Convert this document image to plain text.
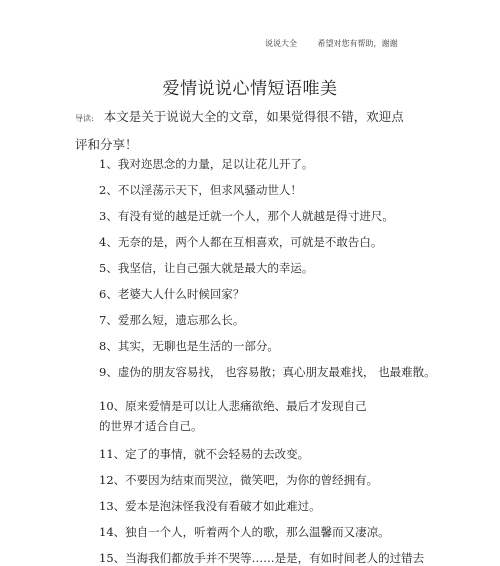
说说大全	希望对您有帮助，谢谢
爱情说说心情短语唯美
导读: 本文是关于说说大全的文章，如果觉得很不错，欢迎点评和分享！
1、我对迩思念的力量，足以让花儿开了。
2、不以淫荡示天下，但求风骚动世人！
3、有没有觉的越是迁就一个人，那个人就越是得寸进尺。
4、无奈的是，两个人都在互相喜欢，可就是不敢告白。
5、我坚信，让自己强大就是最大的幸运。
6、老婆大人什么时候回家？
7、爱那么短，遗忘那么长。
8、其实，无聊也是生活的一部分。
9、虚伪的朋友容易找， 也容易散；真心朋友最难找， 也最难散。
10、原来爱情是可以让人悲痛欲绝、最后才发现自己的世界才适合自己。
11、定了的事情，就不会轻易的去改变。
12、不要因为结束而哭泣，微笑吧，为你的曾经拥有。
13、爱本是泡沫怪我没有看破才如此难过。
14、独自一个人，听着两个人的歌，那么温馨而又凄凉。
15、当海我们都放手并不哭等……是是，有如时间老人的过错去
